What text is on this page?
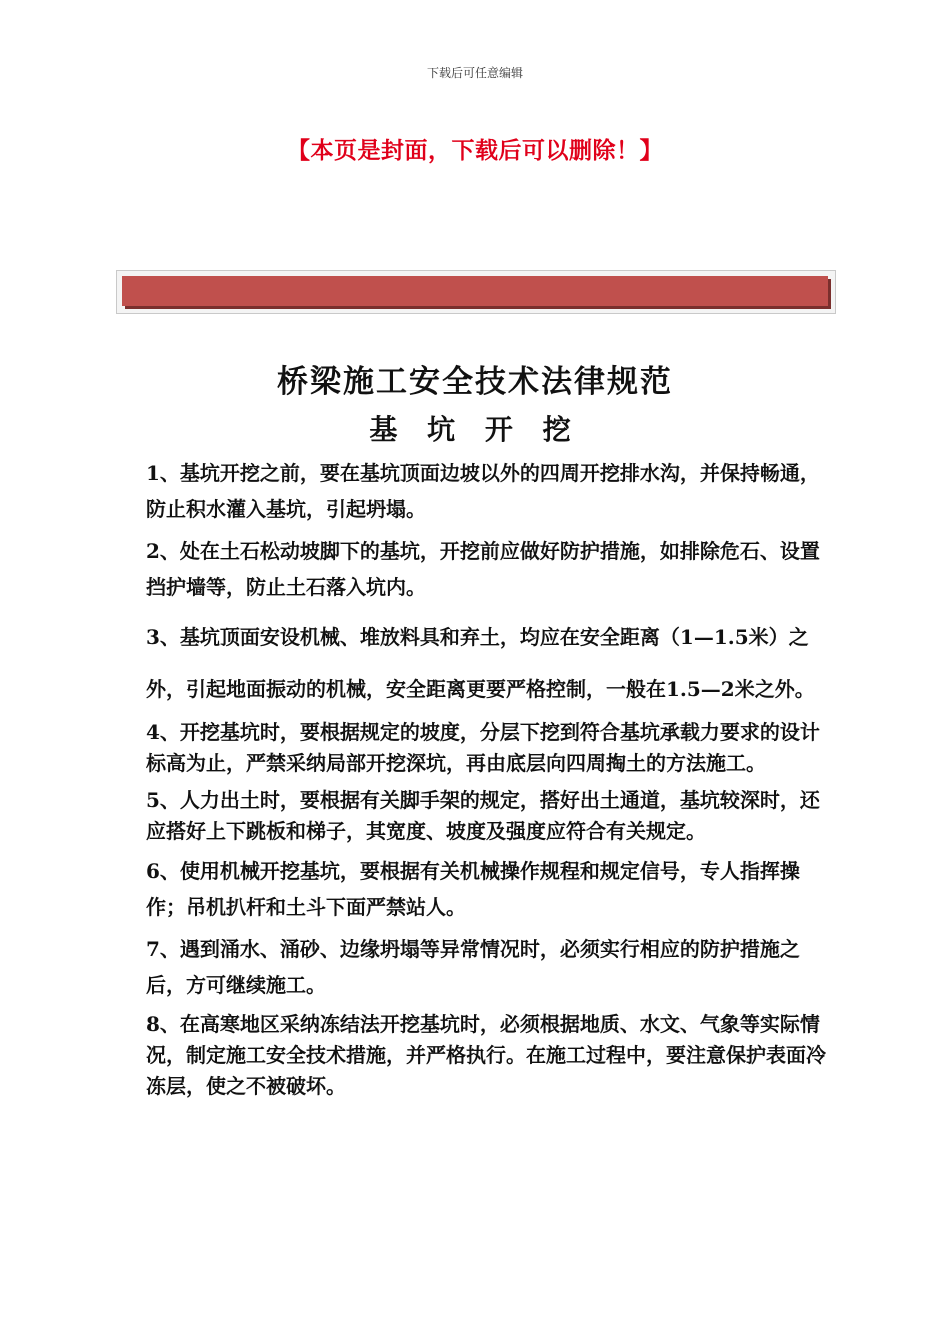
下载后可任意编辑
【本页是封面，下载后可以删除！】
桥梁施工安全技术法律规范
基 坑 开 挖

1、基坑开挖之前，要在基坑顶面边坡以外的四周开挖排水沟，并保持畅通，防止积水灌入基坑，引起坍塌。

2、处在土石松动坡脚下的基坑，开挖前应做好防护措施，如排除危石、设置挡护墙等，防止土石落入坑内。

3、基坑顶面安设机械、堆放料具和弃土，均应在安全距离（1—1.5米）之外，引起地面振动的机械，安全距离更要严格控制，一般在1.5—2米之外。

4、开挖基坑时，要根据规定的坡度，分层下挖到符合基坑承载力要求的设计标高为止，严禁采纳局部开挖深坑，再由底层向四周掏土的方法施工。

5、人力出土时，要根据有关脚手架的规定，搭好出土通道，基坑较深时，还应搭好上下跳板和梯子，其宽度、坡度及强度应符合有关规定。

6、使用机械开挖基坑，要根据有关机械操作规程和规定信号，专人指挥操作；吊机扒杆和土斗下面严禁站人。

7、遇到涌水、涌砂、边缘坍塌等异常情况时，必须实行相应的防护措施之后，方可继续施工。

8、在高寒地区采纳冻结法开挖基坑时，必须根据地质、水文、气象等实际情况，制定施工安全技术措施，并严格执行。在施工过程中，要注意保护表面冷冻层，使之不被破坏。
